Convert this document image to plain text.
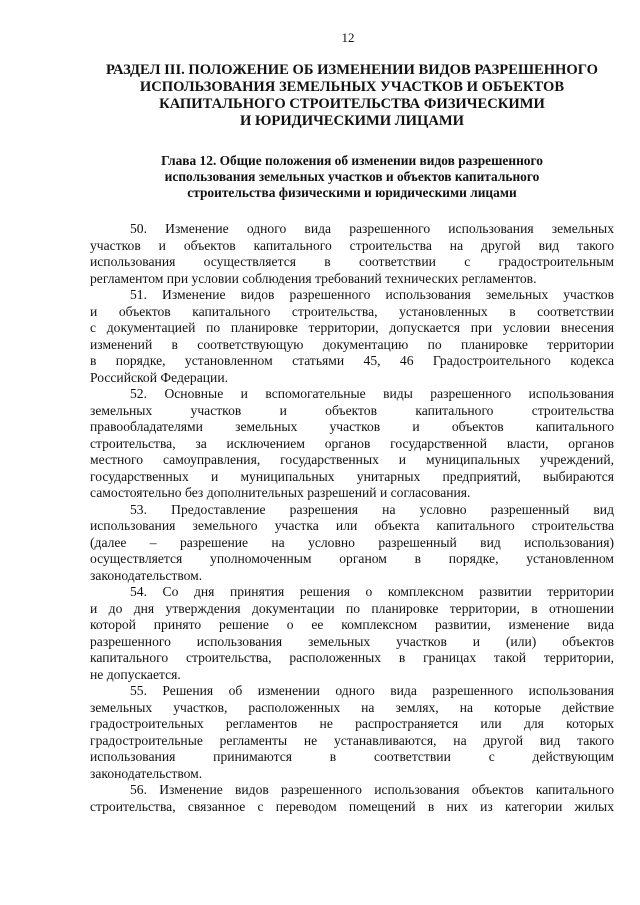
12
РАЗДЕЛ III. ПОЛОЖЕНИЕ ОБ ИЗМЕНЕНИИ ВИДОВ РАЗРЕШЕННОГО
ИСПОЛЬЗОВАНИЯ ЗЕМЕЛЬНЫХ УЧАСТКОВ И ОБЪЕКТОВ
КАПИТАЛЬНОГО СТРОИТЕЛЬСТВА ФИЗИЧЕСКИМИ
И ЮРИДИЧЕСКИМИ ЛИЦАМИ
Глава 12. Общие положения об изменении видов разрешенного
использования земельных участков и объектов капитального
строительства физическими и юридическими лицами
50. Изменение одного вида разрешенного использования земельных
участков и объектов капитального строительства на другой вид такого
использования осуществляется в соответствии с градостроительным
регламентом при условии соблюдения требований технических регламентов.
51. Изменение видов разрешенного использования земельных участков
и объектов капитального строительства, установленных в соответствии
с документацией по планировке территории, допускается при условии внесения
изменений в соответствующую документацию по планировке территории
в порядке, установленном статьями 45, 46 Градостроительного кодекса
Российской Федерации.
52. Основные и вспомогательные виды разрешенного использования
земельных участков и объектов капитального строительства
правообладателями земельных участков и объектов капитального
строительства, за исключением органов государственной власти, органов
местного самоуправления, государственных и муниципальных учреждений,
государственных и муниципальных унитарных предприятий, выбираются
самостоятельно без дополнительных разрешений и согласования.
53. Предоставление разрешения на условно разрешенный вид
использования земельного участка или объекта капитального строительства
(далее – разрешение на условно разрешенный вид использования)
осуществляется уполномоченным органом в порядке, установленном
законодательством.
54. Со дня принятия решения о комплексном развитии территории
и до дня утверждения документации по планировке территории, в отношении
которой принято решение о ее комплексном развитии, изменение вида
разрешенного использования земельных участков и (или) объектов
капитального строительства, расположенных в границах такой территории,
не допускается.
55. Решения об изменении одного вида разрешенного использования
земельных участков, расположенных на землях, на которые действие
градостроительных регламентов не распространяется или для которых
градостроительные регламенты не устанавливаются, на другой вид такого
использования принимаются в соответствии с действующим
законодательством.
56. Изменение видов разрешенного использования объектов капитального
строительства, связанное с переводом помещений в них из категории жилых
